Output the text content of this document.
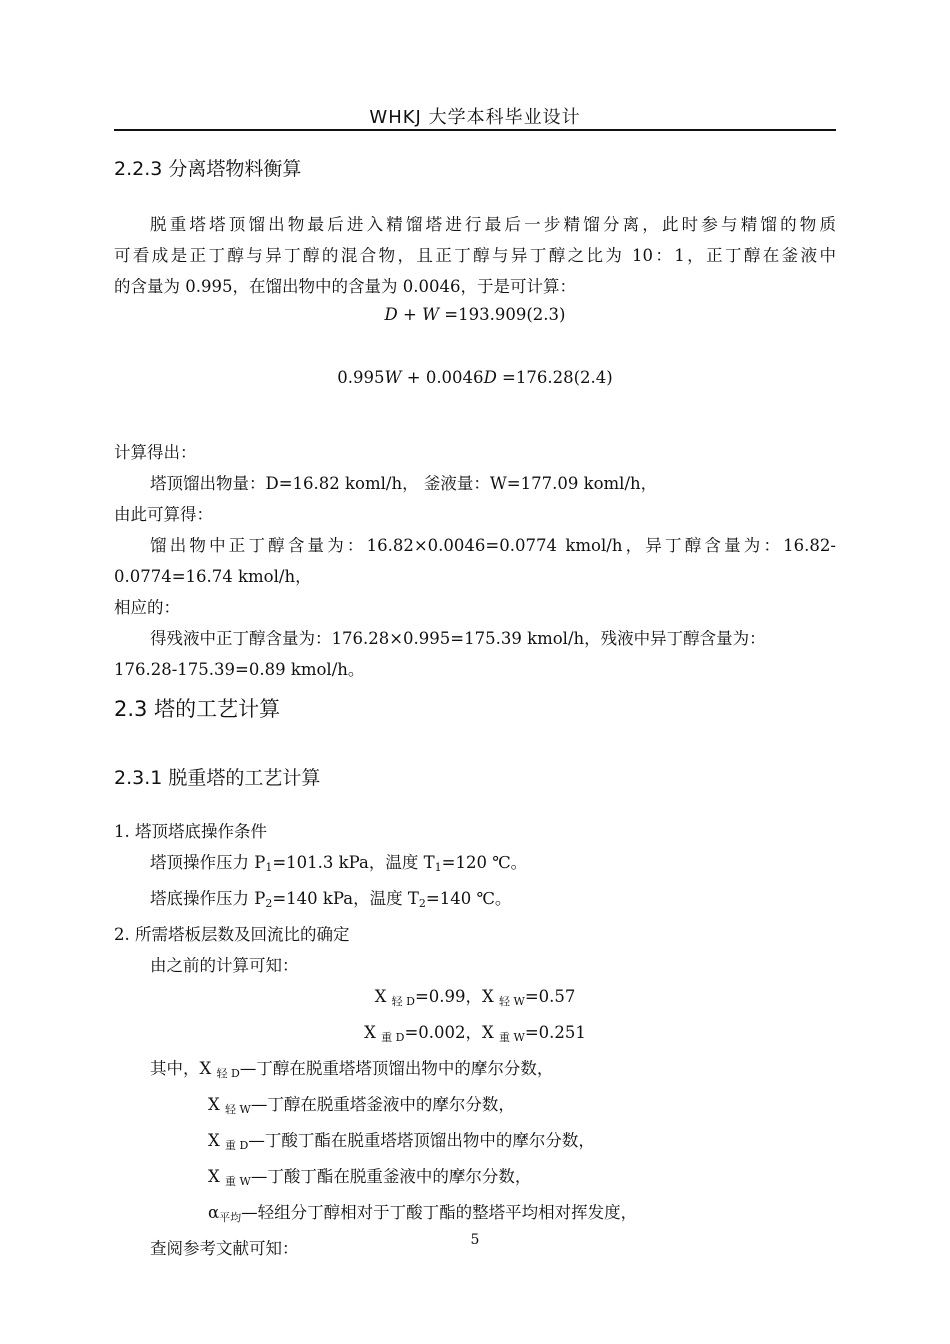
WHKJ 大学本科毕业设计
2.2.3 分离塔物料衡算
脱重塔塔顶馏出物最后进入精馏塔进行最后一步精馏分离，此时参与精馏的物质
可看成是正丁醇与异丁醇的混合物，且正丁醇与异丁醇之比为 10：1，正丁醇在釜液中
的含量为 0.995，在馏出物中的含量为 0.0046，于是可计算：
D + W =193.909(2.3)
0.995W + 0.0046D =176.28(2.4)
计算得出：
塔顶馏出物量：D=16.82 koml/h， 釜液量：W=177.09 koml/h，
由此可算得：
馏出物中正丁醇含量为：16.82×0.0046=0.0774 kmol/h，异丁醇含量为：16.82-
0.0774=16.74 kmol/h，
相应的：
得残液中正丁醇含量为：176.28×0.995=175.39 kmol/h，残液中异丁醇含量为：
176.28-175.39=0.89 kmol/h。
2.3 塔的工艺计算
2.3.1 脱重塔的工艺计算
1. 塔顶塔底操作条件
塔顶操作压力 $P_1=101.3$ kPa，温度 $T_1=120$ ℃。
塔底操作压力 $P_2=140$ kPa，温度 $T_2=140$ ℃。
2. 所需塔板层数及回流比的确定
由之前的计算可知：
X 轻 D=0.99，X 轻 W=0.57
X 重 D=0.002，X 重 W=0.251
其中，X 轻 D—丁醇在脱重塔塔顶馏出物中的摩尔分数，
X 轻 W—丁醇在脱重塔釜液中的摩尔分数，
X 重 D—丁酸丁酯在脱重塔塔顶馏出物中的摩尔分数，
X 重 W—丁酸丁酯在脱重釜液中的摩尔分数，
α平均—轻组分丁醇相对于丁酸丁酯的整塔平均相对挥发度，
查阅参考文献可知：	5
